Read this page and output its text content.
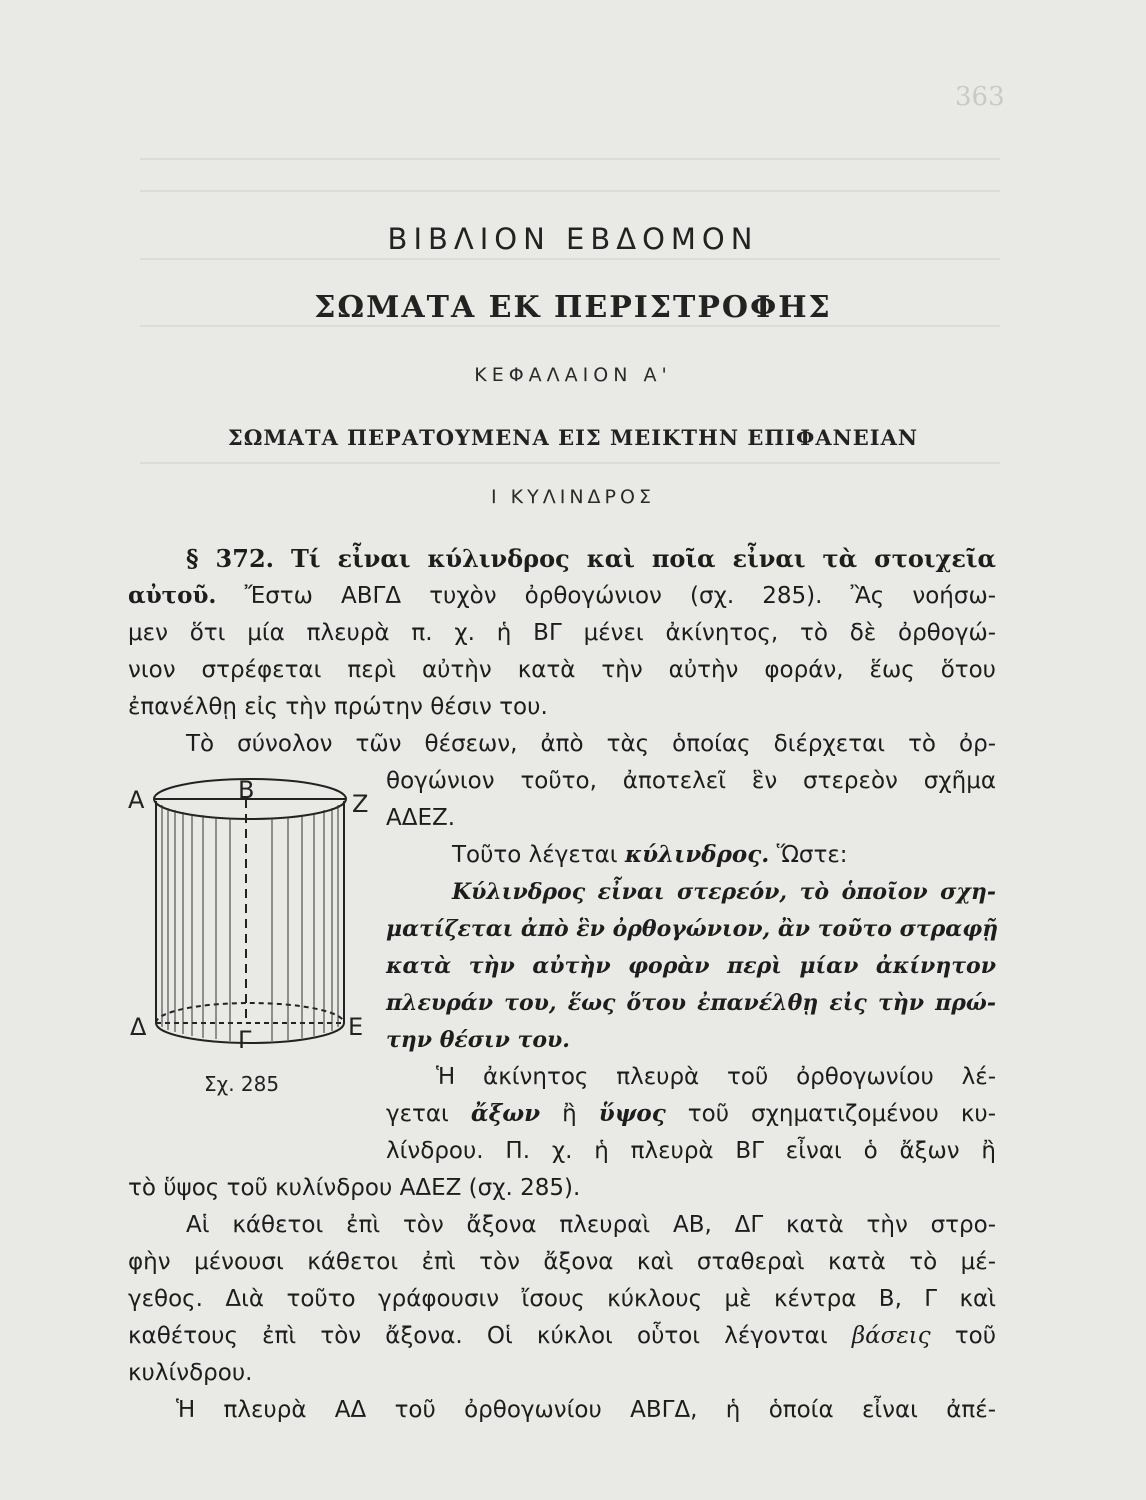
363
ΒΙΒΛΙΟΝ ΕΒΔΟΜΟΝ
ΣΩΜΑΤΑ ΕΚ ΠΕΡΙΣΤΡΟΦΗΣ
ΚΕΦΑΛΑΙΟΝ Α'
ΣΩΜΑΤΑ ΠΕΡΑΤΟΥΜΕΝΑ ΕΙΣ ΜΕΙΚΤΗΝ ΕΠΙΦΑΝΕΙΑΝ
Ι ΚΥΛΙΝΔΡΟΣ
§ 372. Τί εἶναι κύλινδρος καὶ ποῖα εἶναι τὰ στοιχεῖα
αὐτοῦ. Ἔστω ΑΒΓΔ τυχὸν ὀρθογώνιον (σχ. 285). Ἂς νοήσω-
μεν ὅτι μία πλευρὰ π. χ. ἡ ΒΓ μένει ἀκίνητος, τὸ δὲ ὀρθογώ-
νιον στρέφεται περὶ αὐτὴν κατὰ τὴν αὐτὴν φοράν, ἕως ὅτου
ἐπανέλθῃ εἰς τὴν πρώτην θέσιν του.
Τὸ σύνολον τῶν θέσεων, ἀπὸ τὰς ὁποίας διέρχεται τὸ ὀρ-
θογώνιον τοῦτο, ἀποτελεῖ ἓν στερεὸν σχῆμα
ΑΔΕΖ.
Τοῦτο λέγεται κύλινδρος. Ὥστε:
Κύλινδρος εἶναι στερεόν, τὸ ὁποῖον σχη-
ματίζεται ἀπὸ ἓν ὀρθογώνιον, ἂν τοῦτο στραφῇ
κατὰ τὴν αὐτὴν φορὰν περὶ μίαν ἀκίνητον
πλευράν του, ἕως ὅτου ἐπανέλθῃ εἰς τὴν πρώ-
την θέσιν του.
Ἡ ἀκίνητος πλευρὰ τοῦ ὀρθογωνίου λέ-
γεται ἄξων ἢ ὕψος τοῦ σχηματιζομένου κυ-
λίνδρου. Π. χ. ἡ πλευρὰ ΒΓ εἶναι ὁ ἄξων ἢ
τὸ ὕψος τοῦ κυλίνδρου ΑΔΕΖ (σχ. 285).
Αἱ κάθετοι ἐπὶ τὸν ἄξονα πλευραὶ ΑΒ, ΔΓ κατὰ τὴν στρο-
φὴν μένουσι κάθετοι ἐπὶ τὸν ἄξονα καὶ σταθεραὶ κατὰ τὸ μέ-
γεθος. Διὰ τοῦτο γράφουσιν ἴσους κύκλους μὲ κέντρα Β, Γ καὶ
καθέτους ἐπὶ τὸν ἄξονα. Οἱ κύκλοι οὗτοι λέγονται βάσεις τοῦ
κυλίνδρου.
Ἡ πλευρὰ ΑΔ τοῦ ὀρθογωνίου ΑΒΓΔ, ἡ ὁποία εἶναι ἀπέ-
Α	Β	Ζ
Δ	Γ	Ε
Σχ. 285
